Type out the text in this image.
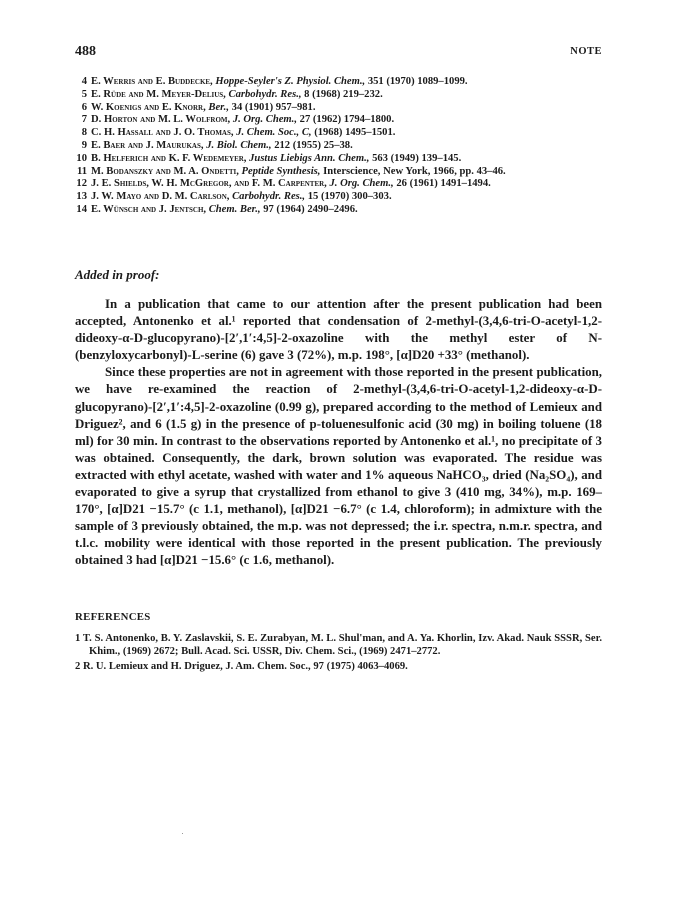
488	NOTE
4 E. Werris and E. Buddecke, Hoppe-Seyler's Z. Physiol. Chem., 351 (1970) 1089–1099.
5 E. Rüde and M. Meyer-Delius, Carbohydr. Res., 8 (1968) 219–232.
6 W. Koenigs and E. Knorr, Ber., 34 (1901) 957–981.
7 D. Horton and M. L. Wolfrom, J. Org. Chem., 27 (1962) 1794–1800.
8 C. H. Hassall and J. O. Thomas, J. Chem. Soc., C, (1968) 1495–1501.
9 E. Baer and J. Maurukas, J. Biol. Chem., 212 (1955) 25–38.
10 B. Helferich and K. F. Wedemeyer, Justus Liebigs Ann. Chem., 563 (1949) 139–145.
11 M. Bodanszky and M. A. Ondetti, Peptide Synthesis, Interscience, New York, 1966, pp. 43–46.
12 J. E. Shields, W. H. McGregor, and F. M. Carpenter, J. Org. Chem., 26 (1961) 1491–1494.
13 J. W. Mayo and D. M. Carlson, Carbohydr. Res., 15 (1970) 300–303.
14 E. Wünsch and J. Jentsch, Chem. Ber., 97 (1964) 2490–2496.
Added in proof:

In a publication that came to our attention after the present publication had been accepted, Antonenko et al.¹ reported that condensation of 2-methyl-(3,4,6-tri-O-acetyl-1,2-dideoxy-α-D-glucopyrano)-[2′,1′:4,5]-2-oxazoline with the methyl ester of N-(benzyloxycarbonyl)-L-serine (6) gave 3 (72%), m.p. 198°, [α]D20 +33° (methanol).

Since these properties are not in agreement with those reported in the present publication, we have re-examined the reaction of 2-methyl-(3,4,6-tri-O-acetyl-1,2-dideoxy-α-D-glucopyrano)-[2′,1′:4,5]-2-oxazoline (0.99 g), prepared according to the method of Lemieux and Driguez², and 6 (1.5 g) in the presence of p-toluenesulfonic acid (30 mg) in boiling toluene (18 ml) for 30 min. In contrast to the observations reported by Antonenko et al.¹, no precipitate of 3 was obtained. Consequently, the dark, brown solution was evaporated. The residue was extracted with ethyl acetate, washed with water and 1% aqueous NaHCO₃, dried (Na₂SO₄), and evaporated to give a syrup that crystallized from ethanol to give 3 (410 mg, 34%), m.p. 169–170°, [α]D21 −15.7° (c 1.1, methanol), [α]D21 −6.7° (c 1.4, chloroform); in admixture with the sample of 3 previously obtained, the m.p. was not depressed; the i.r. spectra, n.m.r. spectra, and t.l.c. mobility were identical with those reported in the present publication. The previously obtained 3 had [α]D21 −15.6° (c 1.6, methanol).

REFERENCES
1 T. S. Antonenko, B. Y. Zaslavskii, S. E. Zurabyan, M. L. Shul'man, and A. Ya. Khorlin, Izv. Akad. Nauk SSSR, Ser. Khim., (1969) 2672; Bull. Acad. Sci. USSR, Div. Chem. Sci., (1969) 2471–2772.
2 R. U. Lemieux and H. Driguez, J. Am. Chem. Soc., 97 (1975) 4063–4069.
